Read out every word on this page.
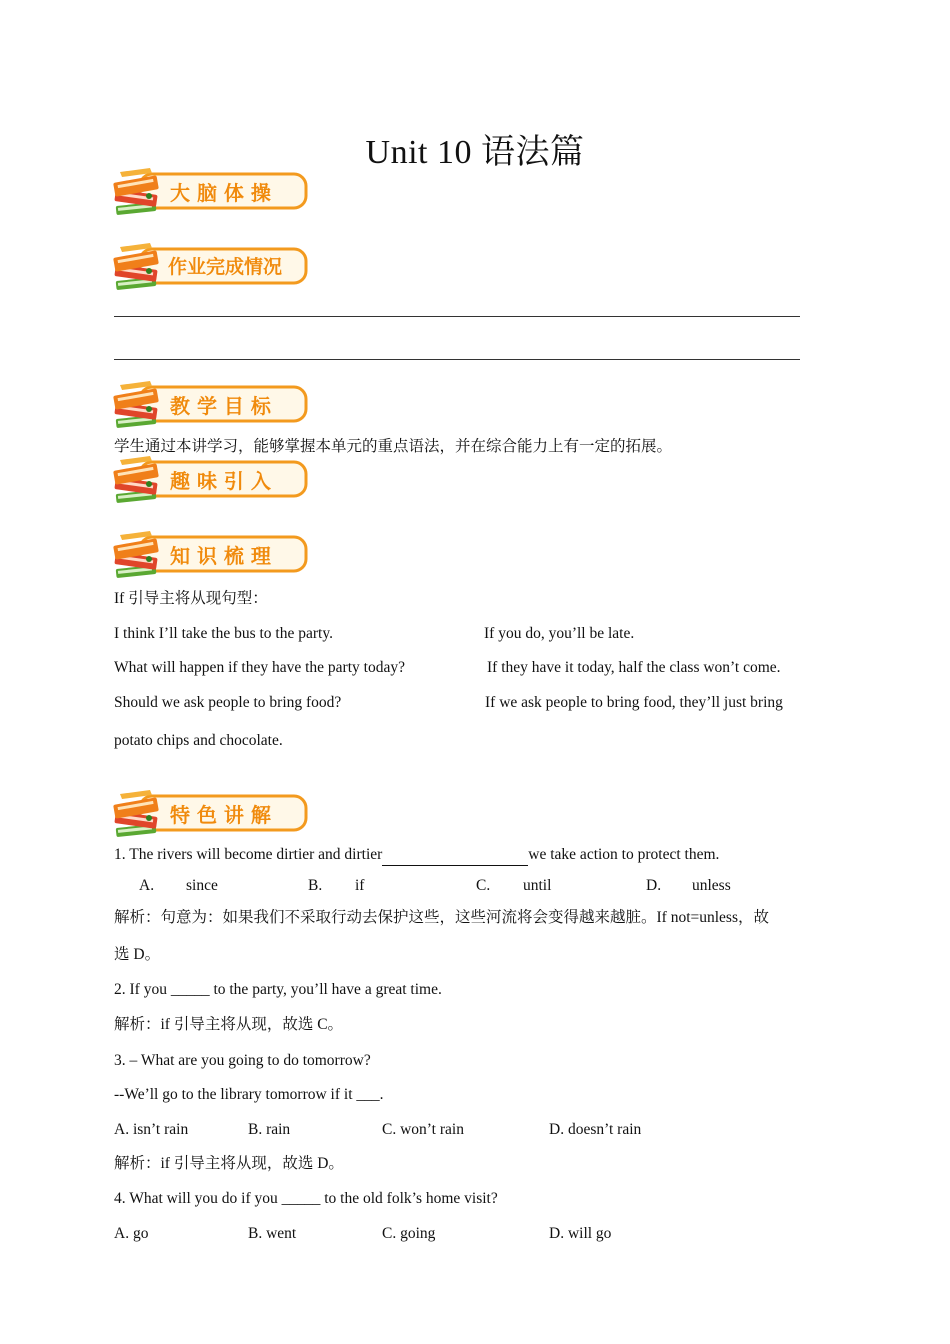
Unit 10 语法篇
大 脑 体 操
作业完成情况
教 学 目 标
学生通过本讲学习，能够掌握本单元的重点语法，并在综合能力上有一定的拓展。
趣 味 引 入
知 识 梳 理
If 引导主将从现句型：
I think I’ll take the bus to the party.	If you do, you’ll be late.
What will happen if they have the party today?	If they have it today, half the class won’t come.
Should we ask people to bring food?	If we ask people to bring food, they’ll just bring
potato chips and chocolate.
特 色 讲 解
1. The rivers will become dirtier and dirtier	we take action to protect them.
A. since	B. if	C. until	D. unless
解析：句意为：如果我们不采取行动去保护这些，这些河流将会变得越来越脏。If not=unless，故
选 D。
2. If you _____ to the party, you’ll have a great time.
解析：if 引导主将从现，故选 C。
3. – What are you going to do tomorrow?
--We’ll go to the library tomorrow if it ___.
A. isn’t rain	B. rain	C. won’t rain	D. doesn’t rain
解析：if 引导主将从现，故选 D。
4. What will you do if you _____ to the old folk’s home visit?
A. go	B. went	C. going	D. will go
